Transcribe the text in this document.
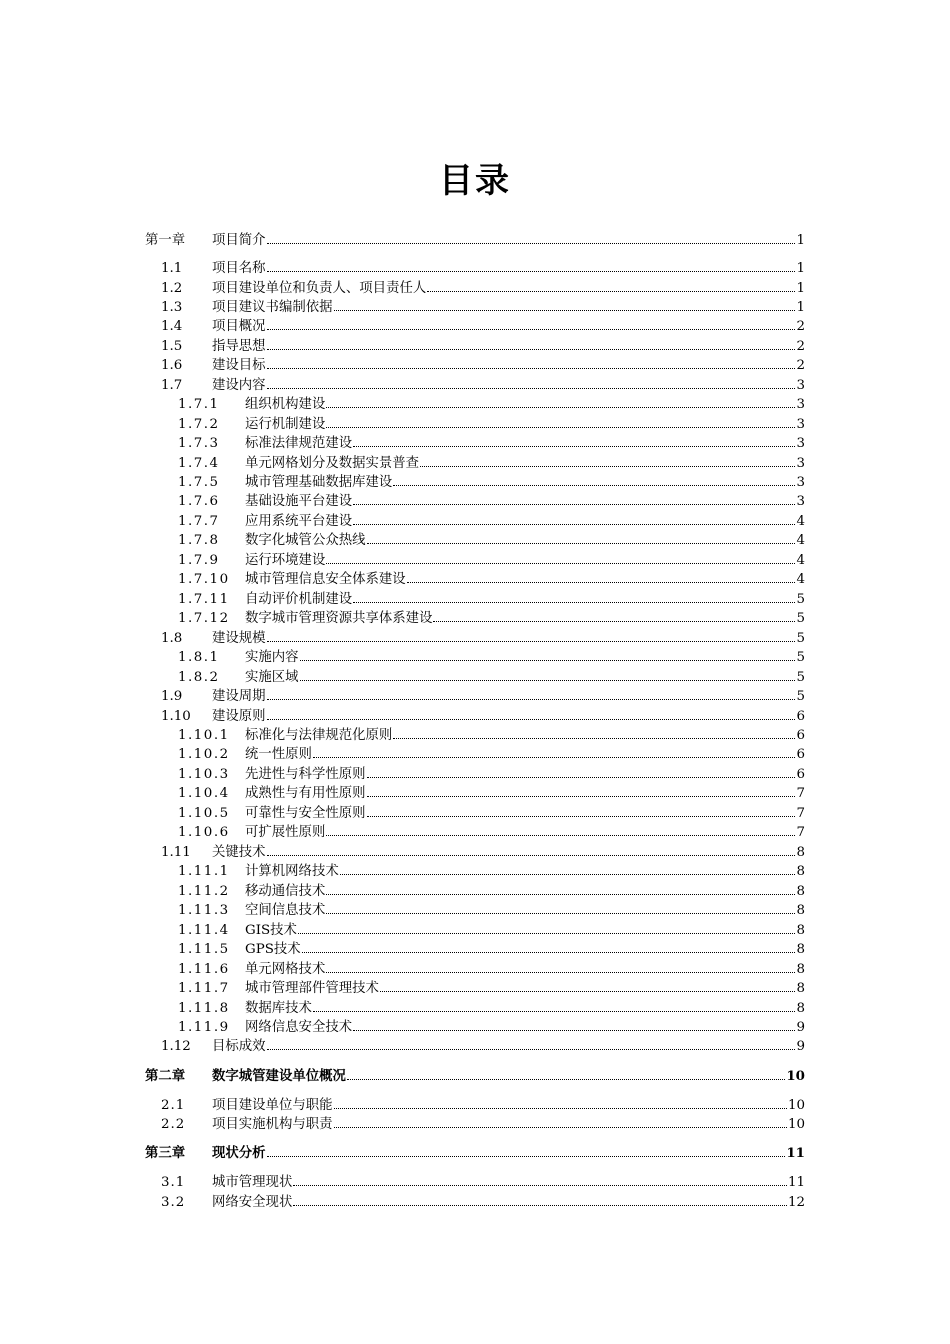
目录
第一章	项目简介	1
1.1	项目名称	1
1.2	项目建设单位和负责人、项目责任人	1
1.3	项目建议书编制依据	1
1.4	项目概况	2
1.5	指导思想	2
1.6	建设目标	2
1.7	建设内容	3
1.7.1	组织机构建设	3
1.7.2	运行机制建设	3
1.7.3	标准法律规范建设	3
1.7.4	单元网格划分及数据实景普查	3
1.7.5	城市管理基础数据库建设	3
1.7.6	基础设施平台建设	3
1.7.7	应用系统平台建设	4
1.7.8	数字化城管公众热线	4
1.7.9	运行环境建设	4
1.7.10	城市管理信息安全体系建设	4
1.7.11	自动评价机制建设	5
1.7.12	数字城市管理资源共享体系建设	5
1.8	建设规模	5
1.8.1	实施内容	5
1.8.2	实施区域	5
1.9	建设周期	5
1.10	建设原则	6
1.10.1	标准化与法律规范化原则	6
1.10.2	统一性原则	6
1.10.3	先进性与科学性原则	6
1.10.4	成熟性与有用性原则	7
1.10.5	可靠性与安全性原则	7
1.10.6	可扩展性原则	7
1.11	关键技术	8
1.11.1	计算机网络技术	8
1.11.2	移动通信技术	8
1.11.3	空间信息技术	8
1.11.4	GIS技术	8
1.11.5	GPS技术	8
1.11.6	单元网格技术	8
1.11.7	城市管理部件管理技术	8
1.11.8	数据库技术	8
1.11.9	网络信息安全技术	9
1.12	目标成效	9
第二章	数字城管建设单位概况	10
2.1	项目建设单位与职能	10
2.2	项目实施机构与职责	10
第三章	现状分析	11
3.1	城市管理现状	11
3.2	网络安全现状	12
